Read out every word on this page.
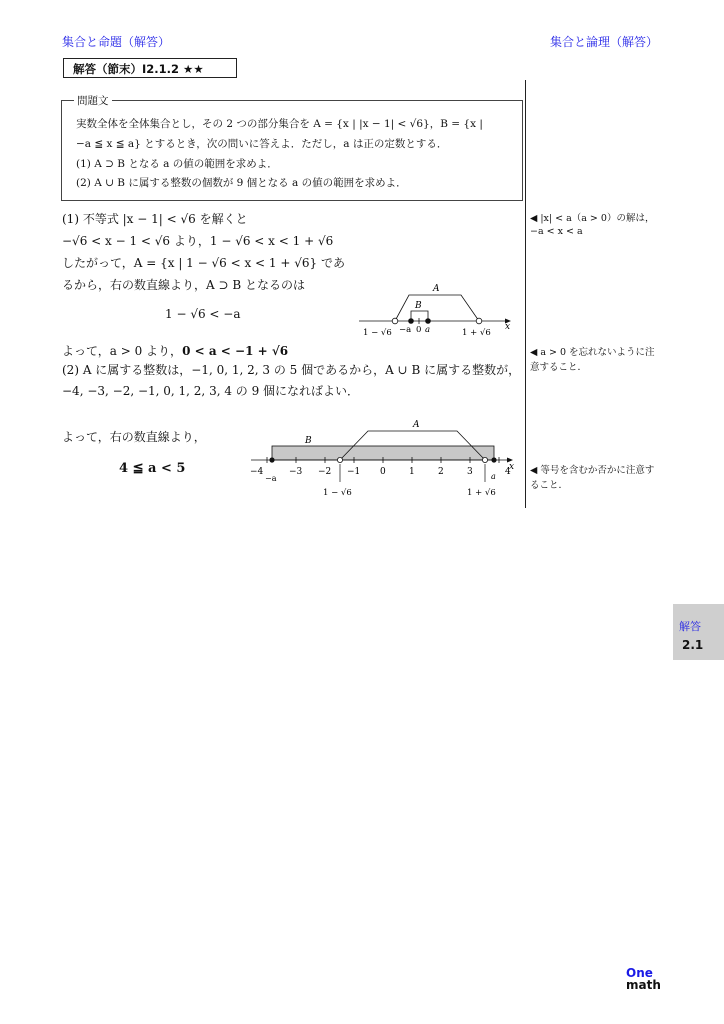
集合と命題（解答）	集合と論理（解答）
解答（節末）I2.1.2 ★★
問題文
実数全体を全体集合とし，その 2 つの部分集合を A = {x | |x − 1| < √6}，B = {x |
−a ≦ x ≦ a} とするとき，次の問いに答えよ．ただし，a は正の定数とする．
(1) A ⊃ B となる a の値の範囲を求めよ．
(2) A ∪ B に属する整数の個数が 9 個となる a の値の範囲を求めよ．
(1) 不等式 |x − 1| < √6 を解くと
−√6 < x − 1 < √6 より，1 − √6 < x < 1 + √6
したがって，A = {x | 1 − √6 < x < 1 + √6} であ
るから，右の数直線より，A ⊃ B となるのは
1 − √6 < −a
よって，a > 0 より，0 < a < −1 + √6
(2) A に属する整数は，−1, 0, 1, 2, 3 の 5 個であるから，A ∪ B に属する整数が，
−4, −3, −2, −1, 0, 1, 2, 3, 4 の 9 個になればよい．
よって，右の数直線より，
4 ≦ a < 5
◀ |x| < a（a > 0）の解は，
−a < x < a
◀ a > 0 を忘れないように注
意すること．
◀ 等号を含むか否かに注意す
ること．
x
A
B
1 − √6 −a 0 a	1 + √6
B
A
x
−4	−3 −2 −1 0	1	2	3	4
−a	a
1 − √6	1 + √6
解答
2.1
One
math
